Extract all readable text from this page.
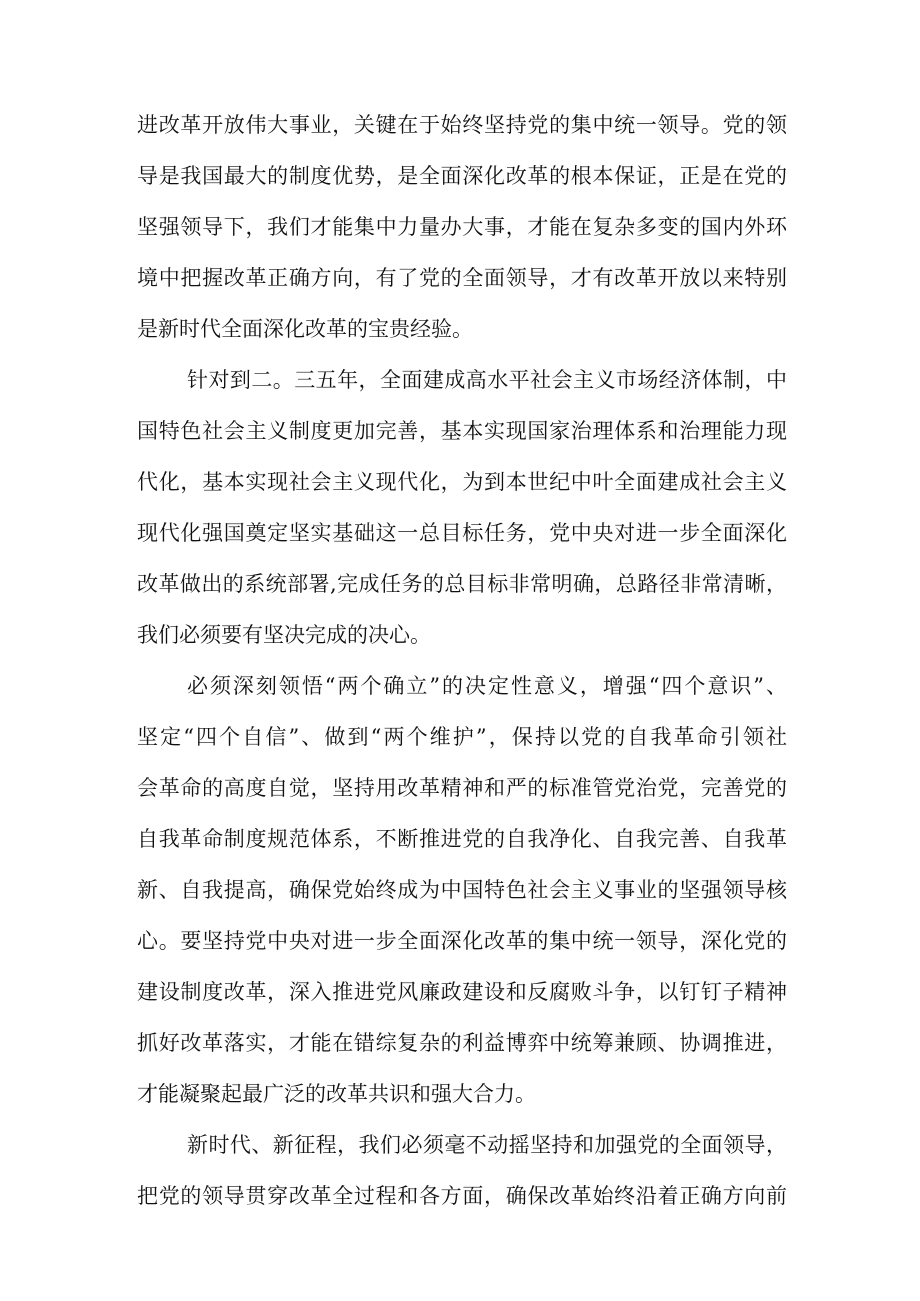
进改革开放伟大事业，关键在于始终坚持党的集中统一领导。党的领
导是我国最大的制度优势，是全面深化改革的根本保证，正是在党的
坚强领导下，我们才能集中力量办大事，才能在复杂多变的国内外环
境中把握改革正确方向，有了党的全面领导，才有改革开放以来特别
是新时代全面深化改革的宝贵经验。
针对到二。三五年，全面建成高水平社会主义市场经济体制，中
国特色社会主义制度更加完善，基本实现国家治理体系和治理能力现
代化，基本实现社会主义现代化，为到本世纪中叶全面建成社会主义
现代化强国奠定坚实基础这一总目标任务，党中央对进一步全面深化
改革做出的系统部署,完成任务的总目标非常明确，总路径非常清晰，
我们必须要有坚决完成的决心。
必须深刻领悟“两个确立”的决定性意义，增强“四个意识”、
坚定“四个自信”、做到“两个维护”，保持以党的自我革命引领社
会革命的高度自觉，坚持用改革精神和严的标准管党治党，完善党的
自我革命制度规范体系，不断推进党的自我净化、自我完善、自我革
新、自我提高，确保党始终成为中国特色社会主义事业的坚强领导核
心。要坚持党中央对进一步全面深化改革的集中统一领导，深化党的
建设制度改革，深入推进党风廉政建设和反腐败斗争，以钉钉子精神
抓好改革落实，才能在错综复杂的利益博弈中统筹兼顾、协调推进，
才能凝聚起最广泛的改革共识和强大合力。
新时代、新征程，我们必须毫不动摇坚持和加强党的全面领导，
把党的领导贯穿改革全过程和各方面，确保改革始终沿着正确方向前
